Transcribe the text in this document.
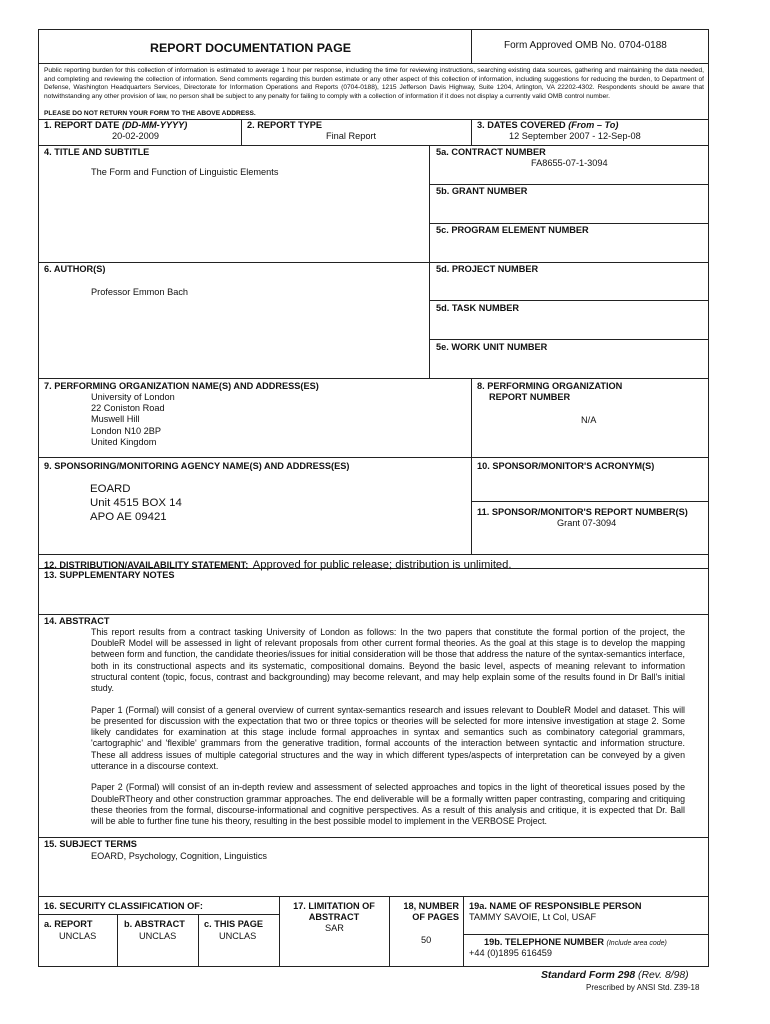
REPORT DOCUMENTATION PAGE	Form Approved OMB No. 0704-0188
Public reporting burden for this collection of information is estimated to average 1 hour per response, including the time for reviewing instructions, searching existing data sources, gathering and maintaining the data needed, and completing and reviewing the collection of information. Send comments regarding this burden estimate or any other aspect of this collection of information, including suggestions for reducing the burden, to Department of Defense, Washington Headquarters Services, Directorate for Information Operations and Reports (0704-0188), 1215 Jefferson Davis Highway, Suite 1204, Arlington, VA 22202-4302. Respondents should be aware that notwithstanding any other provision of law, no person shall be subject to any penalty for failing to comply with a collection of information if it does not display a currently valid OMB control number.
PLEASE DO NOT RETURN YOUR FORM TO THE ABOVE ADDRESS.
1. REPORT DATE (DD-MM-YYYY)
20-02-2009
2. REPORT TYPE
Final Report
3. DATES COVERED (From – To)
12 September 2007 - 12-Sep-08
4. TITLE AND SUBTITLE
The Form and Function of Linguistic Elements
5a. CONTRACT NUMBER
FA8655-07-1-3094
5b. GRANT NUMBER
5c. PROGRAM ELEMENT NUMBER
6. AUTHOR(S)
Professor Emmon Bach
5d. PROJECT NUMBER
5d. TASK NUMBER
5e. WORK UNIT NUMBER
7. PERFORMING ORGANIZATION NAME(S) AND ADDRESS(ES)
University of London
22 Coniston Road
Muswell Hill
London N10 2BP
United Kingdom
8. PERFORMING ORGANIZATION
REPORT NUMBER
N/A
9. SPONSORING/MONITORING AGENCY NAME(S) AND ADDRESS(ES)
EOARD
Unit 4515 BOX 14
APO AE 09421
10. SPONSOR/MONITOR'S ACRONYM(S)
11. SPONSOR/MONITOR'S REPORT NUMBER(S)
Grant 07-3094
12. DISTRIBUTION/AVAILABILITY STATEMENT: Approved for public release; distribution is unlimited.
13. SUPPLEMENTARY NOTES
14. ABSTRACT

This report results from a contract tasking University of London as follows: In the two papers that constitute the formal portion of the project, the DoubleR Model will be assessed in light of relevant proposals from other current formal theories. As the goal at this stage is to develop the mapping between form and function, the candidate theories/issues for initial consideration will be those that address the nature of the syntax-semantics interface, both in its constructional aspects and its systematic, compositional domains. Beyond the basic level, aspects of meaning relevant to information structural content (topic, focus, contrast and backgrounding) may become relevant, and may help explain some of the results found in Dr Ball's initial study.

Paper 1 (Formal) will consist of a general overview of current syntax-semantics research and issues relevant to DoubleR Model and dataset. This will be presented for discussion with the expectation that two or three topics or theories will be selected for more intensive investigation at stage 2. Some likely candidates for examination at this stage include formal approaches in syntax and semantics such as combinatory categorial grammars, 'cartographic' and 'flexible' grammars from the generative tradition, formal accounts of the interaction between syntactic and information structure. These all address issues of multiple categorial structures and the way in which different types/aspects of interpretation can be conveyed by a given utterance in a discourse context.

Paper 2 (Formal) will consist of an in-depth review and assessment of selected approaches and topics in the light of theoretical issues posed by the DoubleRTheory and other construction grammar approaches. The end deliverable will be a formally written paper contrasting, comparing and critiquing these theories from the formal, discourse-informational and cognitive perspectives. As a result of this analysis and critique, it is expected that Dr. Ball will be able to further fine tune his theory, resulting in the best possible model to implement in the VERBOSE Project.

15. SUBJECT TERMS
EOARD, Psychology, Cognition, Linguistics
16. SECURITY CLASSIFICATION OF:
a. REPORT
UNCLAS
b. ABSTRACT
UNCLAS
c. THIS PAGE
UNCLAS
17. LIMITATION OF
ABSTRACT
SAR
18, NUMBER
OF PAGES
50
19a. NAME OF RESPONSIBLE PERSON
TAMMY SAVOIE, Lt Col, USAF
19b. TELEPHONE NUMBER (Include area code)
+44 (0)1895 616459
Standard Form 298 (Rev. 8/98)
Prescribed by ANSI Std. Z39-18
